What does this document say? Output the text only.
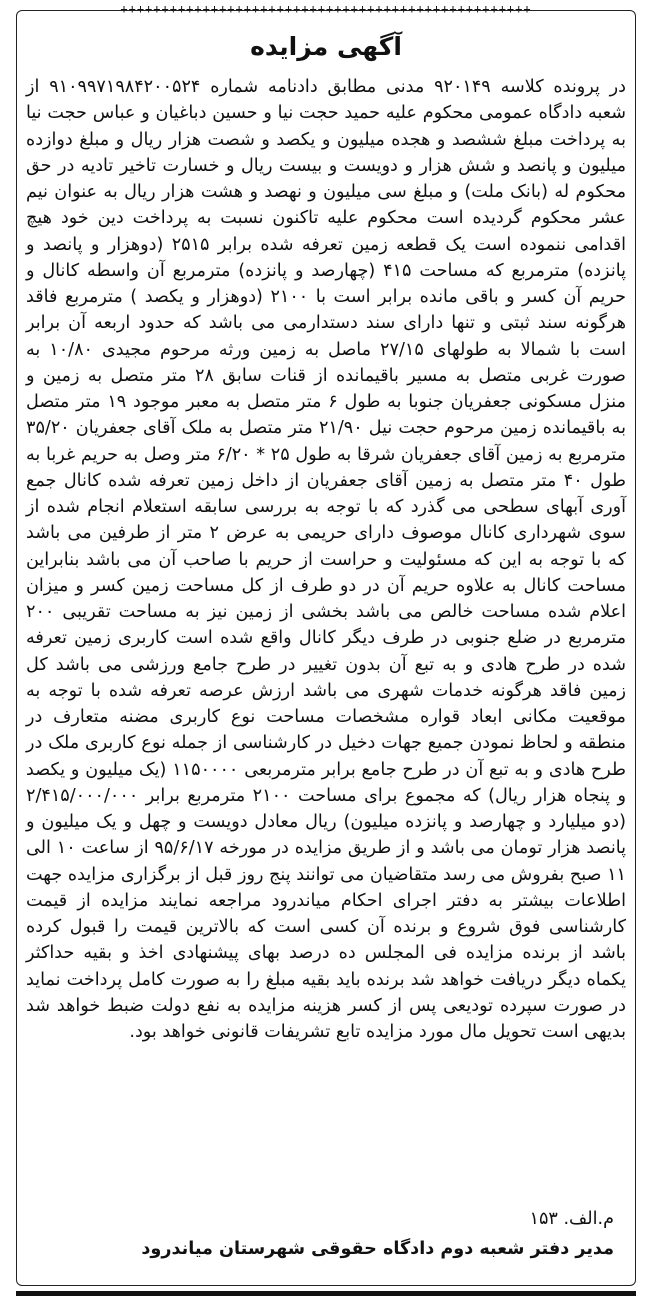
++++++++++++++++++++++++++++++++++++++++++++++++++
آگهی مزایده
در پرونده کلاسه ۹۲۰۱۴۹ مدنی مطابق دادنامه شماره ۹۱۰۹۹۷۱۹۸۴۲۰۰۵۲۴ از شعبه دادگاه عمومی محکوم علیه حمید حجت نیا و حسین دباغیان و عباس حجت نیا به پرداخت مبلغ ششصد و هجده میلیون و یکصد و شصت هزار ریال و مبلغ دوازده میلیون و پانصد و شش هزار و دویست و بیست ریال و خسارت تاخیر تادیه در حق محکوم له (بانک ملت) و مبلغ سی میلیون و نهصد و هشت هزار ریال به عنوان نیم عشر محکوم گردیده است محکوم علیه تاکنون نسبت به پرداخت دین خود هیچ اقدامی ننموده است یک قطعه زمین تعرفه شده برابر ۲۵۱۵ (دوهزار و پانصد و پانزده) مترمربع که مساحت ۴۱۵ (چهارصد و پانزده) مترمربع آن واسطه کانال و حریم آن کسر و باقی مانده برابر است با ۲۱۰۰ (دوهزار و یکصد ) مترمربع فاقد هرگونه سند ثبتی و تنها دارای سند دستدارمی می باشد که حدود اربعه آن برابر است با شمالا به طولهای ۲۷/۱۵ ماصل به زمین ورثه مرحوم مجیدی ۱۰/۸۰ به صورت غربی متصل به مسیر باقیمانده از قنات سابق ۲۸ متر متصل به زمین و منزل مسکونی جعفریان جنوبا به طول ۶ متر متصل به معبر موجود ۱۹ متر متصل به باقیمانده زمین مرحوم حجت نیل ۲۱/۹۰ متر متصل به ملک آقای جعفریان ۳۵/۲۰ مترمربع به زمین آقای جعفریان شرقا به طول ۲۵ * ۶/۲۰ متر وصل به حریم غربا به طول ۴۰ متر متصل به زمین آقای جعفریان از داخل زمین تعرفه شده کانال جمع آوری آبهای سطحی می گذرد که با توجه به بررسی سابقه استعلام انجام شده از سوی شهرداری کانال موصوف دارای حریمی به عرض ۲ متر از طرفین می باشد که با توجه به این که مسئولیت و حراست از حریم با صاحب آن می باشد بنابراین مساحت کانال به علاوه حریم آن در دو طرف از کل مساحت زمین کسر و میزان اعلام شده مساحت خالص می باشد بخشی از زمین نیز به مساحت تقریبی ۲۰۰ مترمربع در ضلع جنوبی در طرف دیگر کانال واقع شده است کاربری زمین تعرفه شده در طرح هادی و به تبع آن بدون تغییر در طرح جامع ورزشی می باشد کل زمین فاقد هرگونه خدمات شهری می باشد ارزش عرصه تعرفه شده با توجه به موقعیت مکانی ابعاد قواره مشخصات مساحت نوع کاربری مضنه متعارف در منطقه و لحاظ نمودن جمیع جهات دخیل در کارشناسی از جمله نوع کاربری ملک در طرح هادی و به تبع آن در طرح جامع برابر مترمربعی ۱۱۵۰۰۰۰ (یک میلیون و یکصد و پنجاه هزار ریال) که مجموع برای مساحت ۲۱۰۰ مترمربع برابر ۲/۴۱۵/۰۰۰/۰۰۰ (دو میلیارد و چهارصد و پانزده میلیون) ریال معادل دویست و چهل و یک میلیون و پانصد هزار تومان می باشد و از طریق مزایده در مورخه ۹۵/۶/۱۷ از ساعت ۱۰ الی ۱۱ صبح بفروش می رسد متقاضیان می توانند پنج روز قبل از برگزاری مزایده جهت اطلاعات بیشتر به دفتر اجرای احکام میاندرود مراجعه نمایند مزایده از قیمت کارشناسی فوق شروع و برنده آن کسی است که بالاترین قیمت را قبول کرده باشد از برنده مزایده فی المجلس ده درصد بهای پیشنهادی اخذ و بقیه حداکثر یکماه دیگر دریافت خواهد شد برنده باید بقیه مبلغ را به صورت کامل پرداخت نماید در صورت سپرده تودیعی پس از کسر هزینه مزایده به نفع دولت ضبط خواهد شد بدیهی است تحویل مال مورد مزایده تابع تشریفات قانونی خواهد بود.
م.الف. ۱۵۳
مدیر دفتر شعبه دوم دادگاه حقوقی شهرستان میاندرود
